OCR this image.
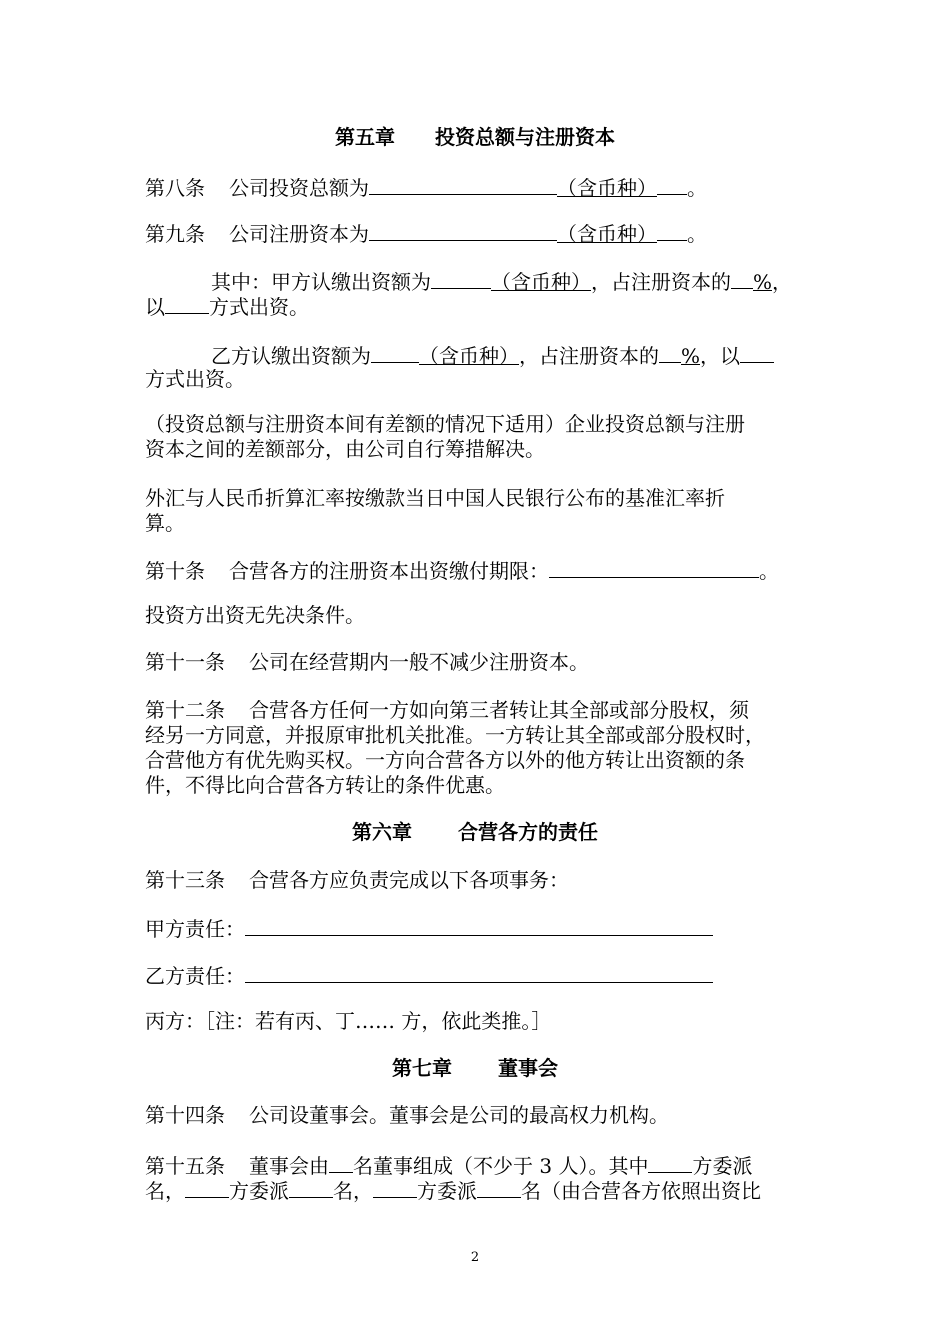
第五章 投资总额与注册资本
第八条 公司投资总额为	（含币种） 。
第九条 公司注册资本为	（含币种） 。
其中：甲方认缴出资额为	（含币种），占注册资本的 %，
以 方式出资。
乙方认缴出资额为 （含币种），占注册资本的 %，以
方式出资。
（投资总额与注册资本间有差额的情况下适用）企业投资总额与注册
资本之间的差额部分，由公司自行筹措解决。
外汇与人民币折算汇率按缴款当日中国人民银行公布的基准汇率折
算。
第十条 合营各方的注册资本出资缴付期限：	。
投资方出资无先决条件。
第十一条 公司在经营期内一般不减少注册资本。
第十二条 合营各方任何一方如向第三者转让其全部或部分股权，须
经另一方同意，并报原审批机关批准。一方转让其全部或部分股权时，
合营他方有优先购买权。一方向合营各方以外的他方转让出资额的条
件，不得比向合营各方转让的条件优惠。
第六章 合营各方的责任
第十三条 合营各方应负责完成以下各项事务：
甲方责任：
乙方责任：
丙方：［注：若有丙、丁…… 方，依此类推。］
第七章 董事会
第十四条 公司设董事会。董事会是公司的最高权力机构。
第十五条 董事会由 名董事组成（不少于 3 人）。其中 方委派
名， 方委派 名， 方委派 名（由合营各方依照出资比
2
